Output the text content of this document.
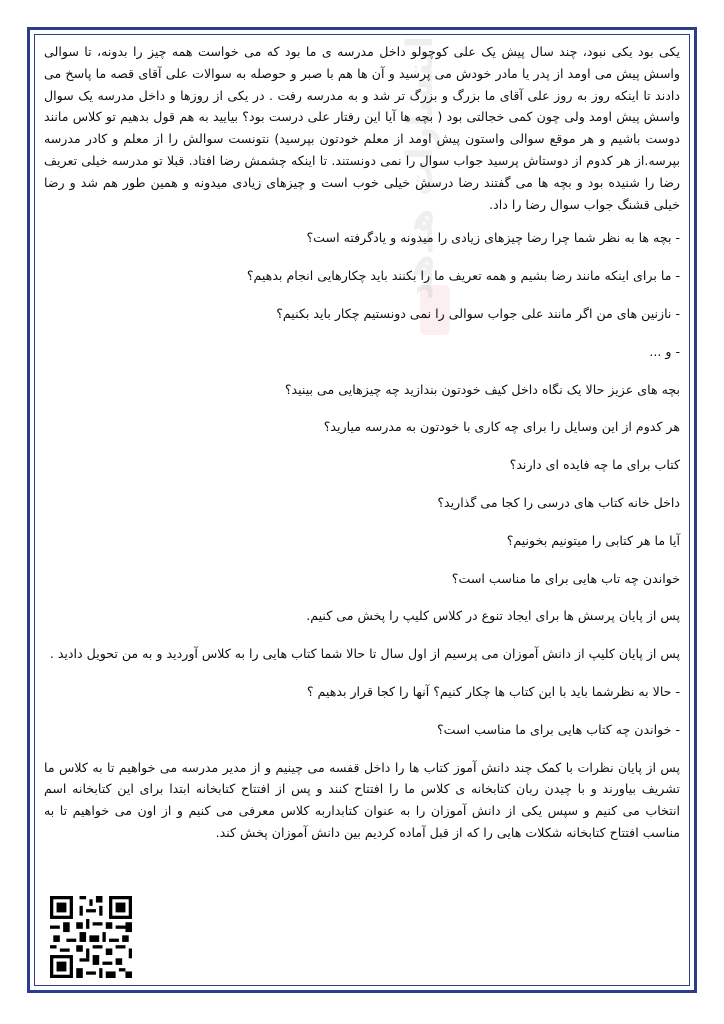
انتشارات هدهد

یکی بود یکی نبود، چند سال پیش یک علی کوچولو داخل مدرسه ی ما بود که می خواست همه چیز را بدونه، تا سوالی واسش پیش می اومد از پدر یا مادر خودش می پرسید و آن ها هم با صبر و حوصله به سوالات علی آقای قصه ما پاسخ می دادند تا اینکه روز به روز علی آقای ما بزرگ و بزرگ تر شد و به مدرسه رفت . در یکی از روزها و داخل مدرسه یک سوال واسش پیش اومد ولی چون کمی خجالتی بود ( بچه ها آیا این رفتار علی درست بود؟ بیایید به هم قول بدهیم تو کلاس مانند دوست باشیم و هر موقع سوالی واستون پیش اومد از معلم خودتون بپرسید) نتونست سوالش را از معلم و کادر مدرسه بپرسه.از هر کدوم از دوستاش پرسید جواب سوال را نمی دونستند. تا اینکه چشمش رضا افتاد. قبلا تو مدرسه خیلی تعریف رضا را شنیده بود و بچه ها می گفتند رضا درسش خیلی خوب است و چیزهای زیادی میدونه و همین طور هم شد و رضا خیلی قشنگ جواب سوال رضا را داد.

- بچه ها به نظر شما چرا رضا چیزهای زیادی را میدونه و یادگرفته است؟

- ما برای اینکه مانند رضا بشیم و همه تعریف ما را بکنند باید چکارهایی انجام بدهیم؟

- نازنین های من اگر مانند علی جواب سوالی را نمی دونستیم چکار باید بکنیم؟

- و ...

بچه های عزیز حالا یک نگاه داخل کیف خودتون بندازید چه چیزهایی می بینید؟

هر کدوم از این وسایل را برای چه کاری با خودتون به مدرسه میارید؟

کتاب برای ما چه فایده ای دارند؟

داخل خانه کتاب های درسی را کجا می گذارید؟

آیا ما هر کتابی را میتونیم بخونیم؟

خواندن چه تاب هایی برای ما مناسب است؟

پس از پایان پرسش ها برای ایجاد تنوع در کلاس کلیپ را پخش می کنیم.

پس از پایان کلیپ از دانش آموزان می پرسیم از اول سال تا حالا شما کتاب هایی را به کلاس آوردید و به من تحویل دادید .

- حالا به نظرشما باید با این کتاب ها چکار کنیم؟ آنها را کجا قرار بدهیم ؟

- خواندن چه کتاب هایی برای ما مناسب است؟

پس از پایان نظرات با کمک چند دانش آموز کتاب ها را داخل قفسه می چینیم و از مدیر مدرسه می خواهیم تا به کلاس ما تشریف بیاورند و با چیدن ربان کتابخانه ی کلاس ما را افتتاح کنند و پس از افتتاح کتابخانه ابتدا برای این کتابخانه اسم انتخاب می کنیم و سپس یکی از دانش آموزان را به عنوان کتابداربه کلاس معرفی می کنیم و از اون می خواهیم تا به مناسب افتتاح کتابخانه شکلات هایی را که از قبل آماده کردیم بین دانش آموزان پخش کند.
